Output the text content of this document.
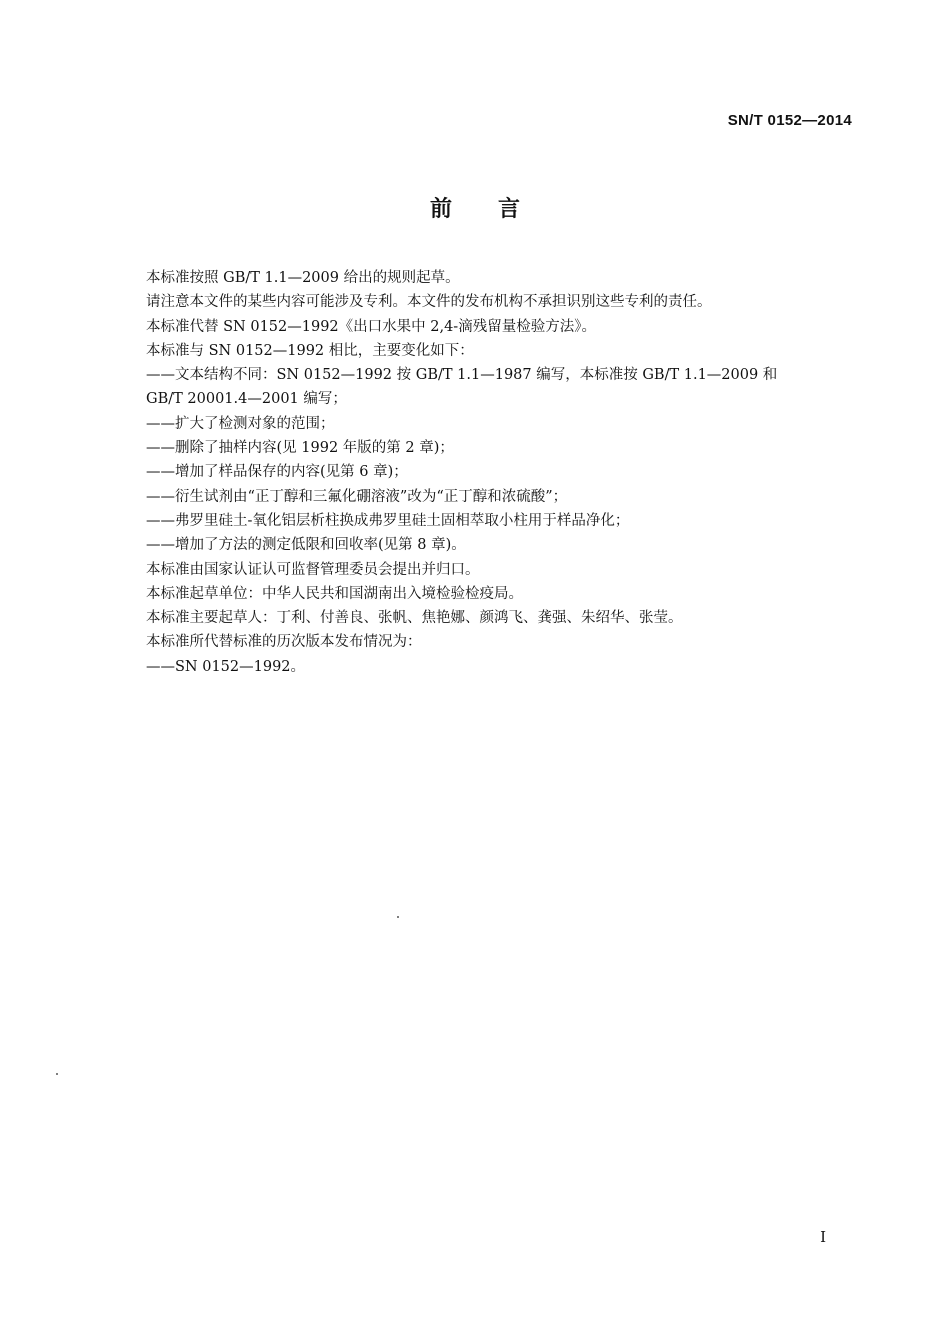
SN/T 0152—2014
前言

本标准按照 GB/T 1.1—2009 给出的规则起草。

请注意本文件的某些内容可能涉及专利。本文件的发布机构不承担识别这些专利的责任。

本标准代替 SN 0152—1992《出口水果中 2,4-滴残留量检验方法》。

本标准与 SN 0152—1992 相比，主要变化如下：

——文本结构不同：SN 0152—1992 按 GB/T 1.1—1987 编写，本标准按 GB/T 1.1—2009 和
GB/T 20001.4—2001 编写；

——扩大了检测对象的范围；

——删除了抽样内容(见 1992 年版的第 2 章)；

——增加了样品保存的内容(见第 6 章)；

——衍生试剂由“正丁醇和三氟化硼溶液”改为“正丁醇和浓硫酸”；

——弗罗里硅土-氧化铝层析柱换成弗罗里硅土固相萃取小柱用于样品净化；

——增加了方法的测定低限和回收率(见第 8 章)。

本标准由国家认证认可监督管理委员会提出并归口。

本标准起草单位：中华人民共和国湖南出入境检验检疫局。

本标准主要起草人：丁利、付善良、张帆、焦艳娜、颜鸿飞、龚强、朱绍华、张莹。

本标准所代替标准的历次版本发布情况为：

——SN 0152—1992。

I
